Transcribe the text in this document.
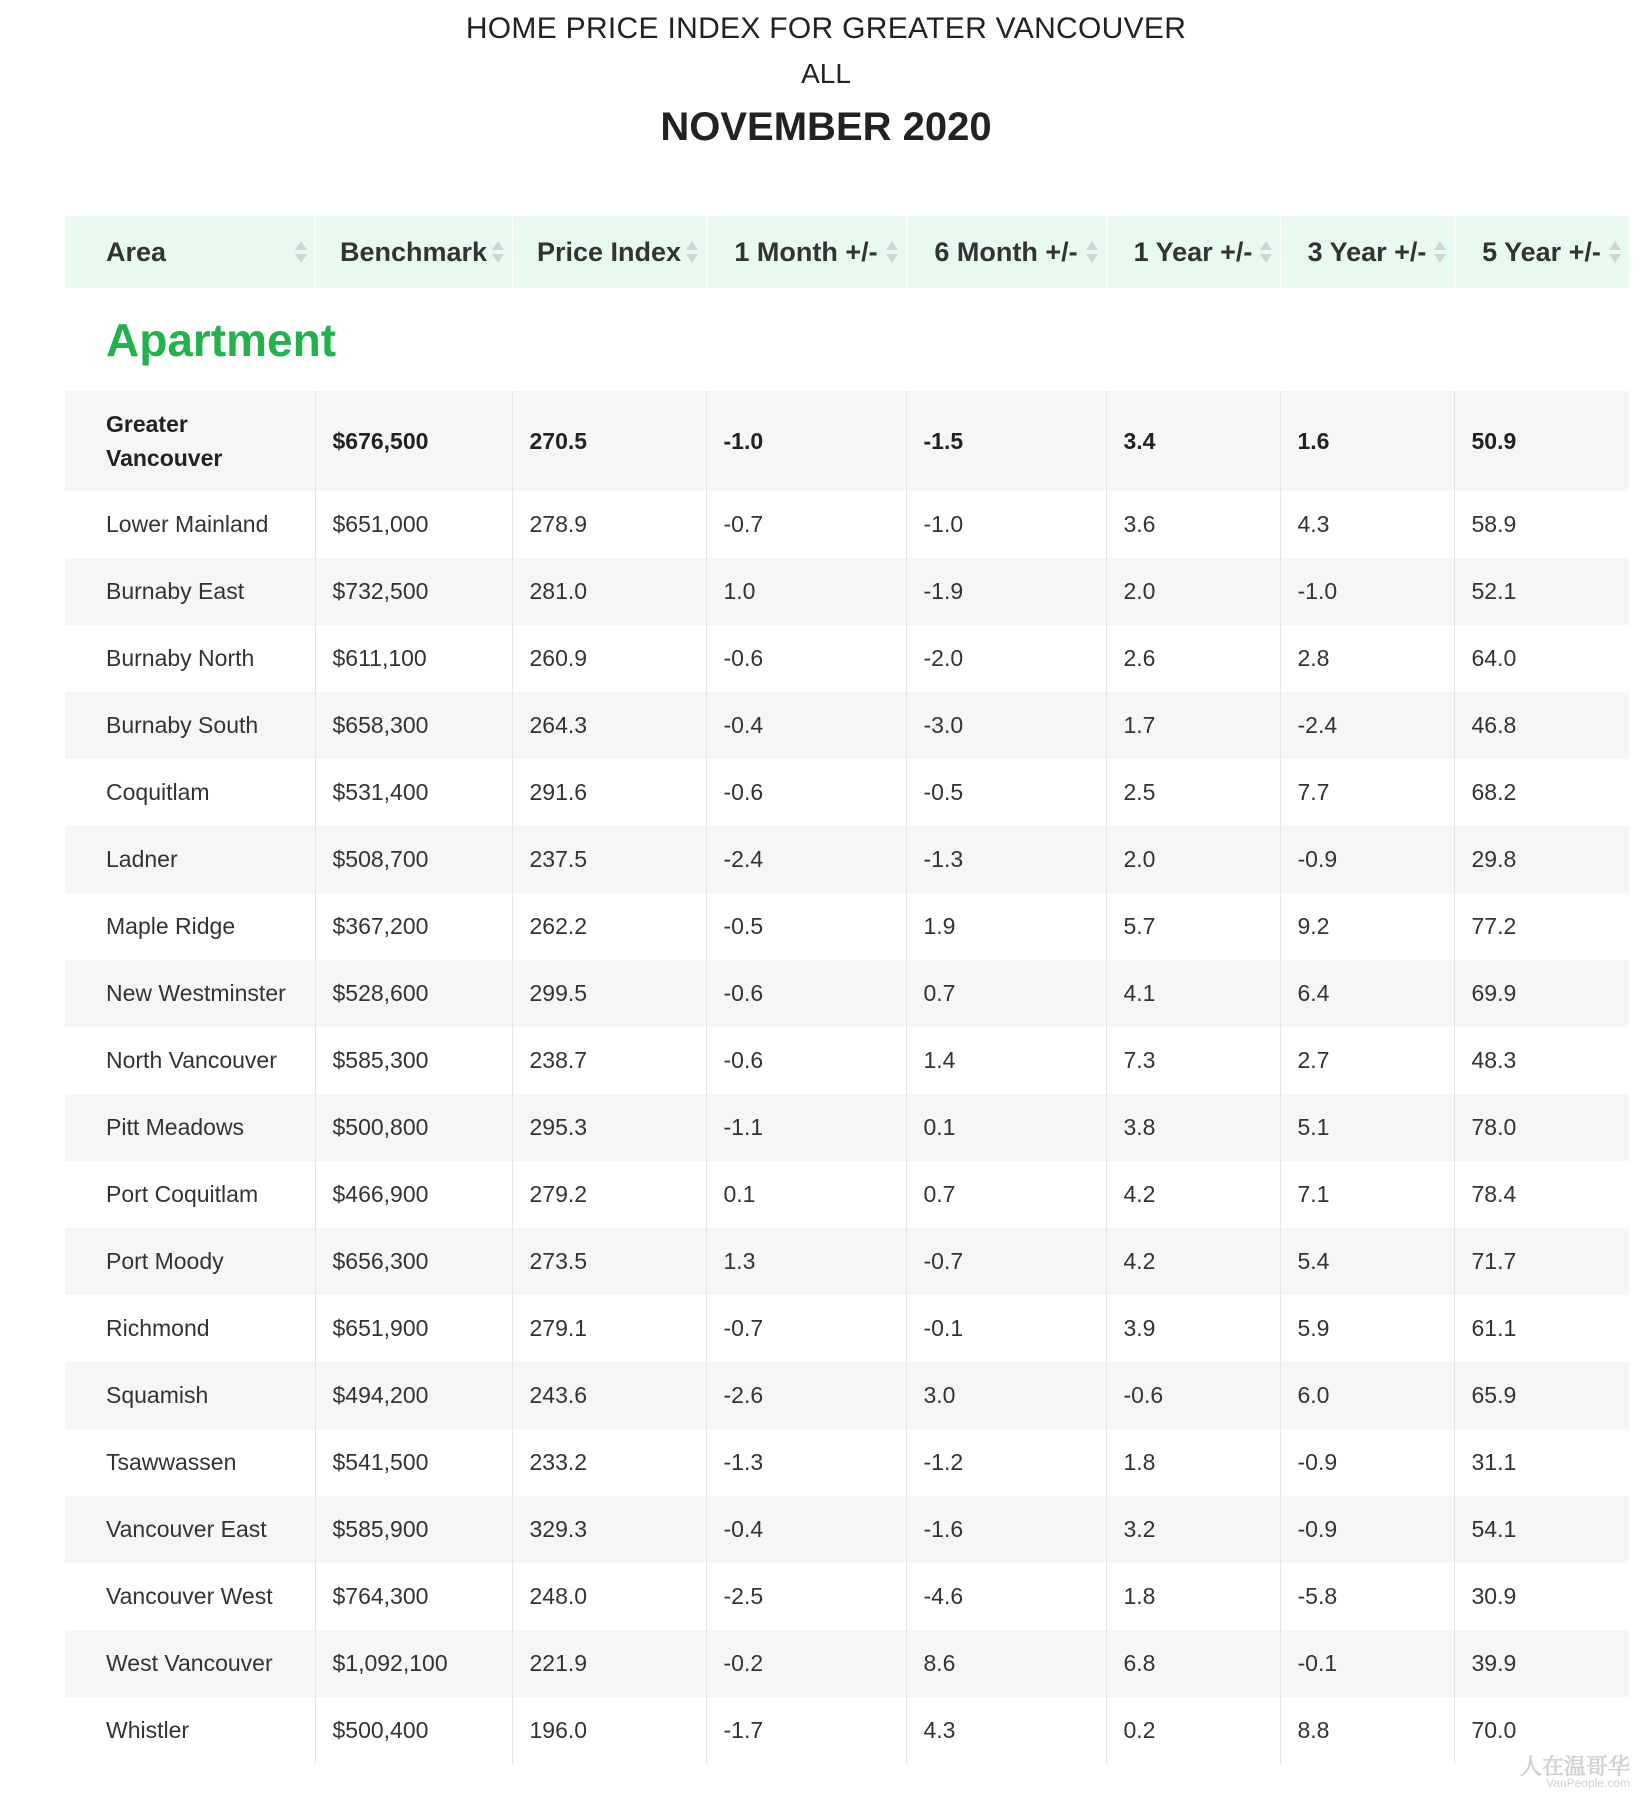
HOME PRICE INDEX FOR GREATER VANCOUVER
ALL
NOVEMBER 2020
Area	Benchmark	Price Index	1 Month +/-	6 Month +/-	1 Year +/-	3 Year +/-	5 Year +/-

Apartment							
Greater Vancouver	$676,500	270.5	-1.0	-1.5	3.4	1.6	50.9
Lower Mainland	$651,000	278.9	-0.7	-1.0	3.6	4.3	58.9
Burnaby East	$732,500	281.0	1.0	-1.9	2.0	-1.0	52.1
Burnaby North	$611,100	260.9	-0.6	-2.0	2.6	2.8	64.0
Burnaby South	$658,300	264.3	-0.4	-3.0	1.7	-2.4	46.8
Coquitlam	$531,400	291.6	-0.6	-0.5	2.5	7.7	68.2
Ladner	$508,700	237.5	-2.4	-1.3	2.0	-0.9	29.8
Maple Ridge	$367,200	262.2	-0.5	1.9	5.7	9.2	77.2
New Westminster	$528,600	299.5	-0.6	0.7	4.1	6.4	69.9
North Vancouver	$585,300	238.7	-0.6	1.4	7.3	2.7	48.3
Pitt Meadows	$500,800	295.3	-1.1	0.1	3.8	5.1	78.0
Port Coquitlam	$466,900	279.2	0.1	0.7	4.2	7.1	78.4
Port Moody	$656,300	273.5	1.3	-0.7	4.2	5.4	71.7
Richmond	$651,900	279.1	-0.7	-0.1	3.9	5.9	61.1
Squamish	$494,200	243.6	-2.6	3.0	-0.6	6.0	65.9
Tsawwassen	$541,500	233.2	-1.3	-1.2	1.8	-0.9	31.1
Vancouver East	$585,900	329.3	-0.4	-1.6	3.2	-0.9	54.1
Vancouver West	$764,300	248.0	-2.5	-4.6	1.8	-5.8	30.9
West Vancouver	$1,092,100	221.9	-0.2	8.6	6.8	-0.1	39.9
Whistler	$500,400	196.0	-1.7	4.3	0.2	8.8	70.0
人在温哥华
VanPeople.com
